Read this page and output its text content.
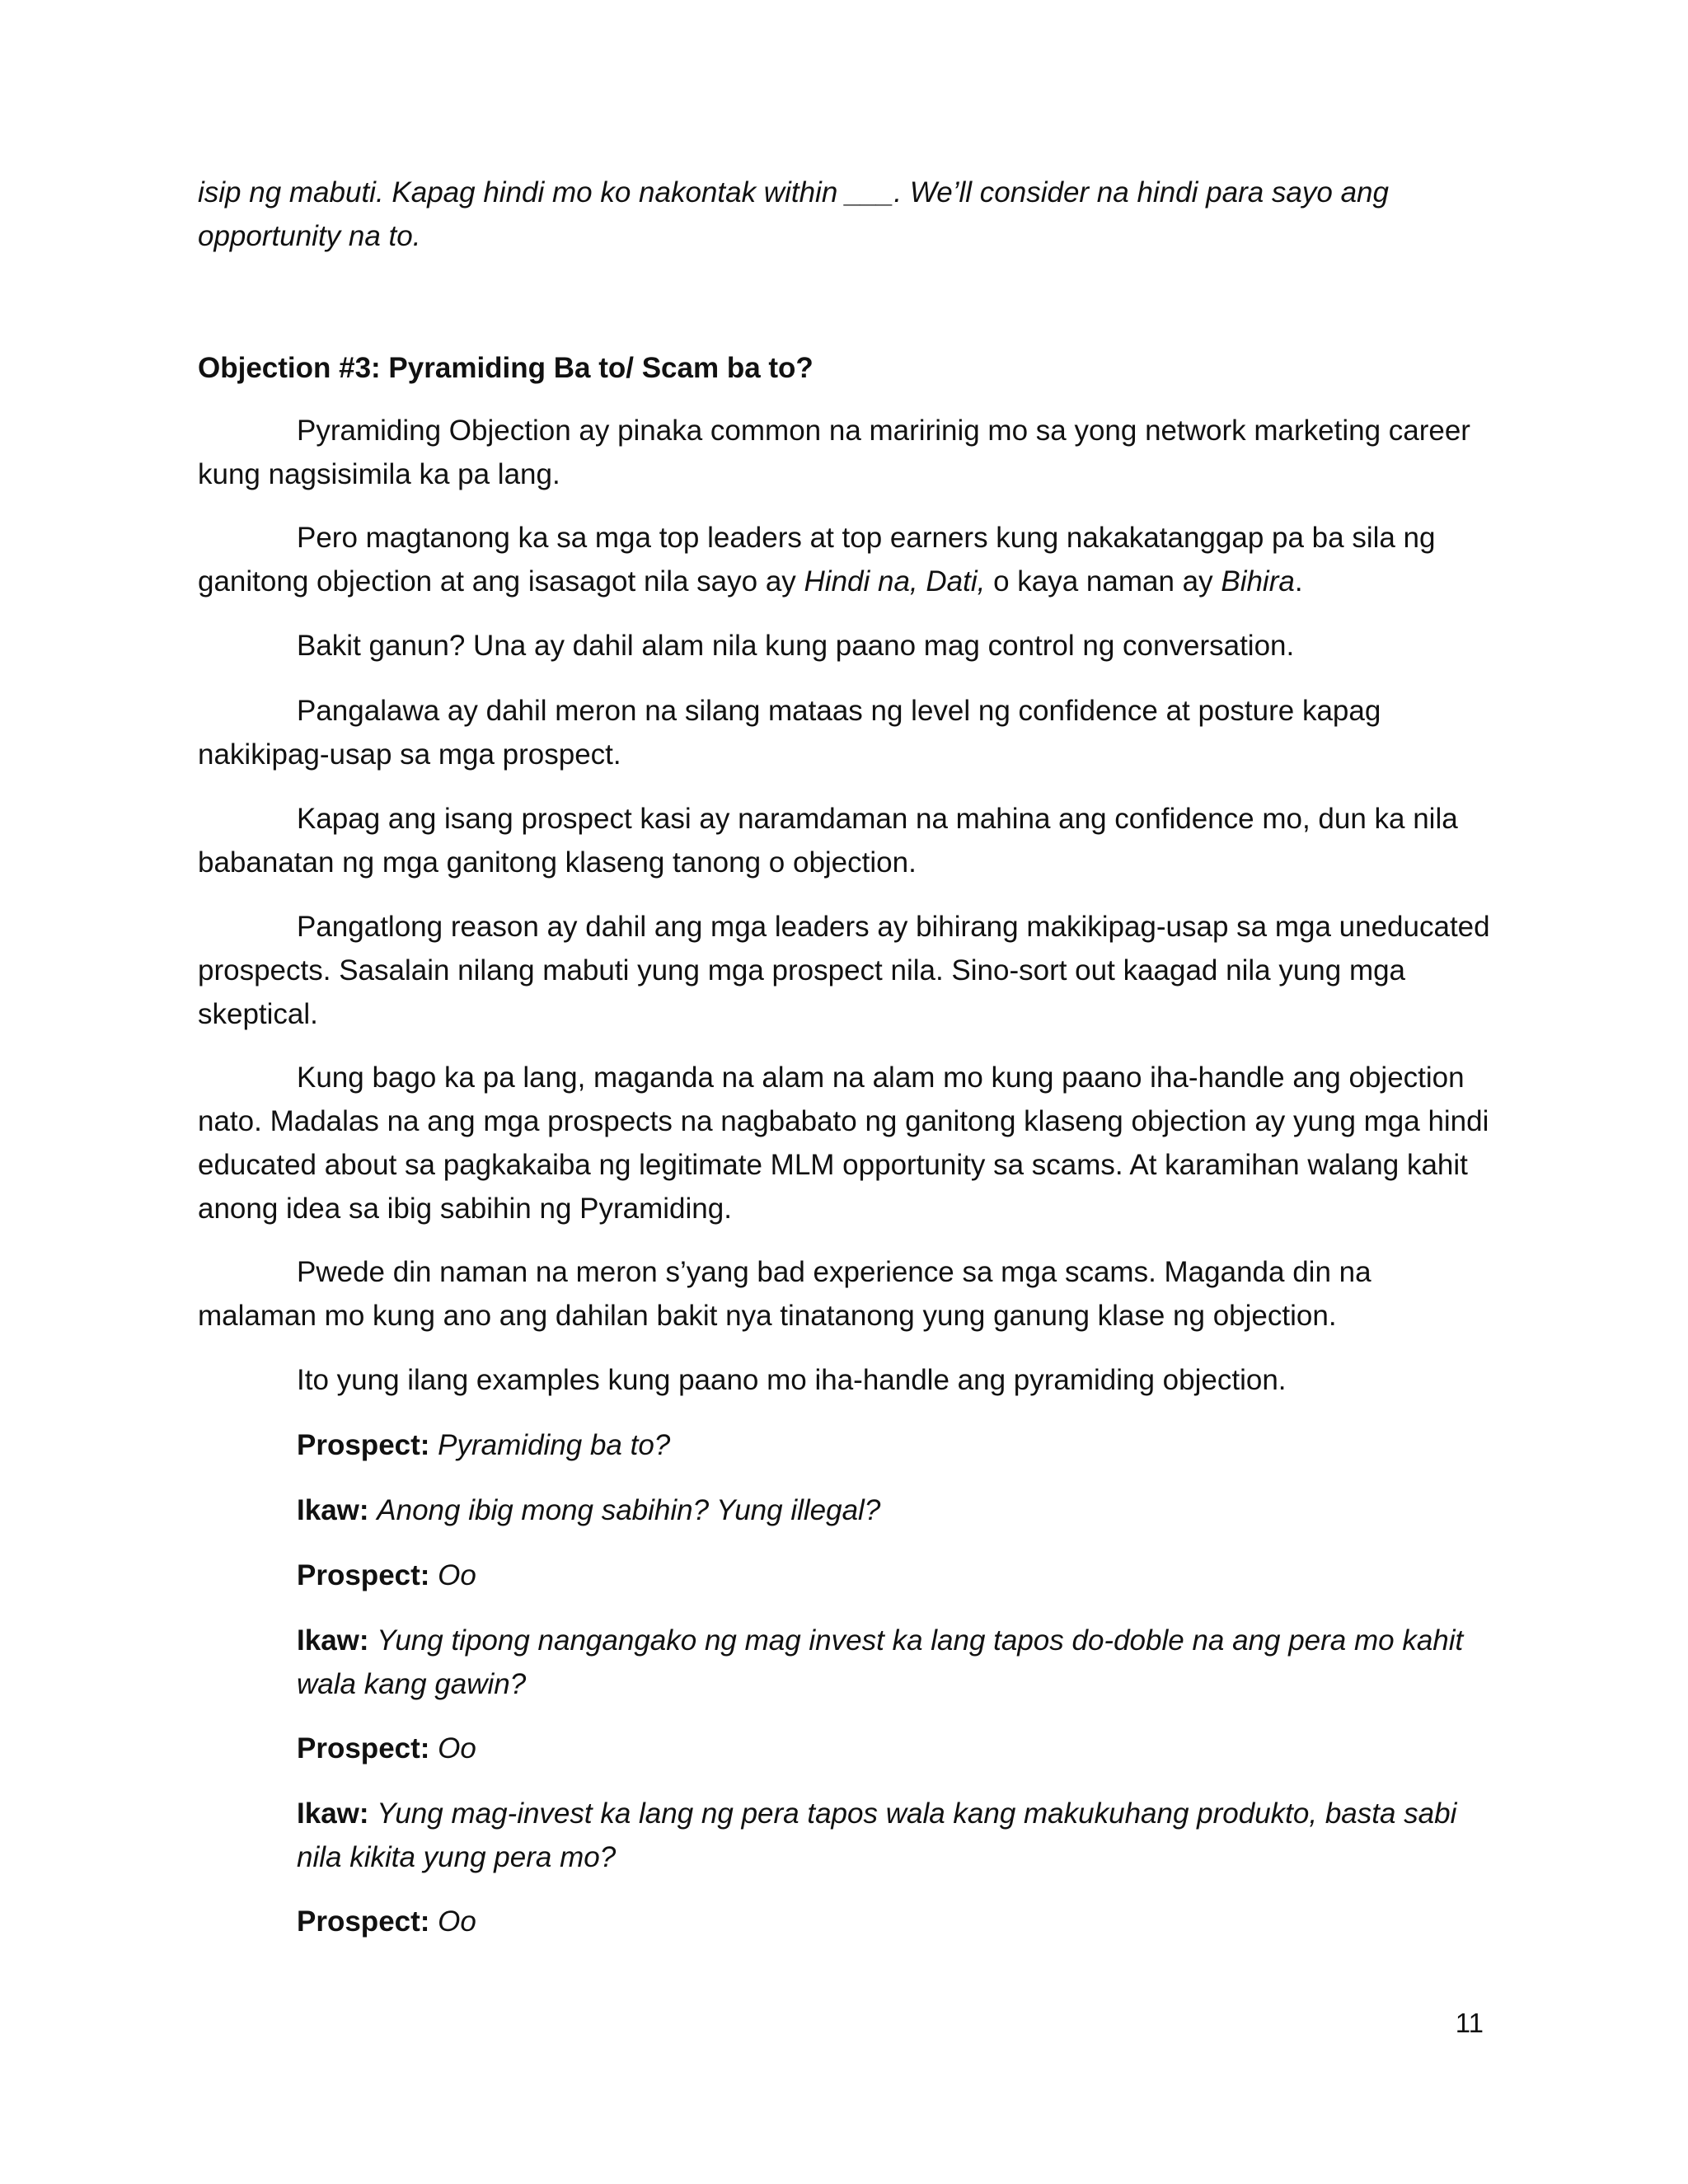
isip ng mabuti. Kapag hindi mo ko nakontak within ___. We’ll consider na hindi para sayo ang opportunity na to.

Objection #3: Pyramiding Ba to/ Scam ba to?

Pyramiding Objection ay pinaka common na maririnig mo sa yong network marketing career kung nagsisimila ka pa lang.

Pero magtanong ka sa mga top leaders at top earners kung nakakatanggap pa ba sila ng ganitong objection at ang isasagot nila sayo ay Hindi na, Dati, o kaya naman ay Bihira.

Bakit ganun? Una ay dahil alam nila kung paano mag control ng conversation.

Pangalawa ay dahil meron na silang mataas ng level ng confidence at posture kapag nakikipag-usap sa mga prospect.

Kapag ang isang prospect kasi ay naramdaman na mahina ang confidence mo, dun ka nila babanatan ng mga ganitong klaseng tanong o objection.

Pangatlong reason ay dahil ang mga leaders ay bihirang makikipag-usap sa mga uneducated prospects. Sasalain nilang mabuti yung mga prospect nila. Sino-sort out kaagad nila yung mga skeptical.

Kung bago ka pa lang, maganda na alam na alam mo kung paano iha-handle ang objection nato. Madalas na ang mga prospects na nagbabato ng ganitong klaseng objection ay yung mga hindi educated about sa pagkakaiba ng legitimate MLM opportunity sa scams. At karamihan walang kahit anong idea sa ibig sabihin ng Pyramiding.

Pwede din naman na meron s’yang bad experience sa mga scams. Maganda din na malaman mo kung ano ang dahilan bakit nya tinatanong yung ganung klase ng objection.

Ito yung ilang examples kung paano mo iha-handle ang pyramiding objection.

Prospect: Pyramiding ba to?

Ikaw: Anong ibig mong sabihin? Yung illegal?

Prospect: Oo

Ikaw: Yung tipong nangangako ng mag invest ka lang tapos do-doble na ang pera mo kahit wala kang gawin?

Prospect: Oo

Ikaw: Yung mag-invest ka lang ng pera tapos wala kang makukuhang produkto, basta sabi nila kikita yung pera mo?

Prospect: Oo

11
